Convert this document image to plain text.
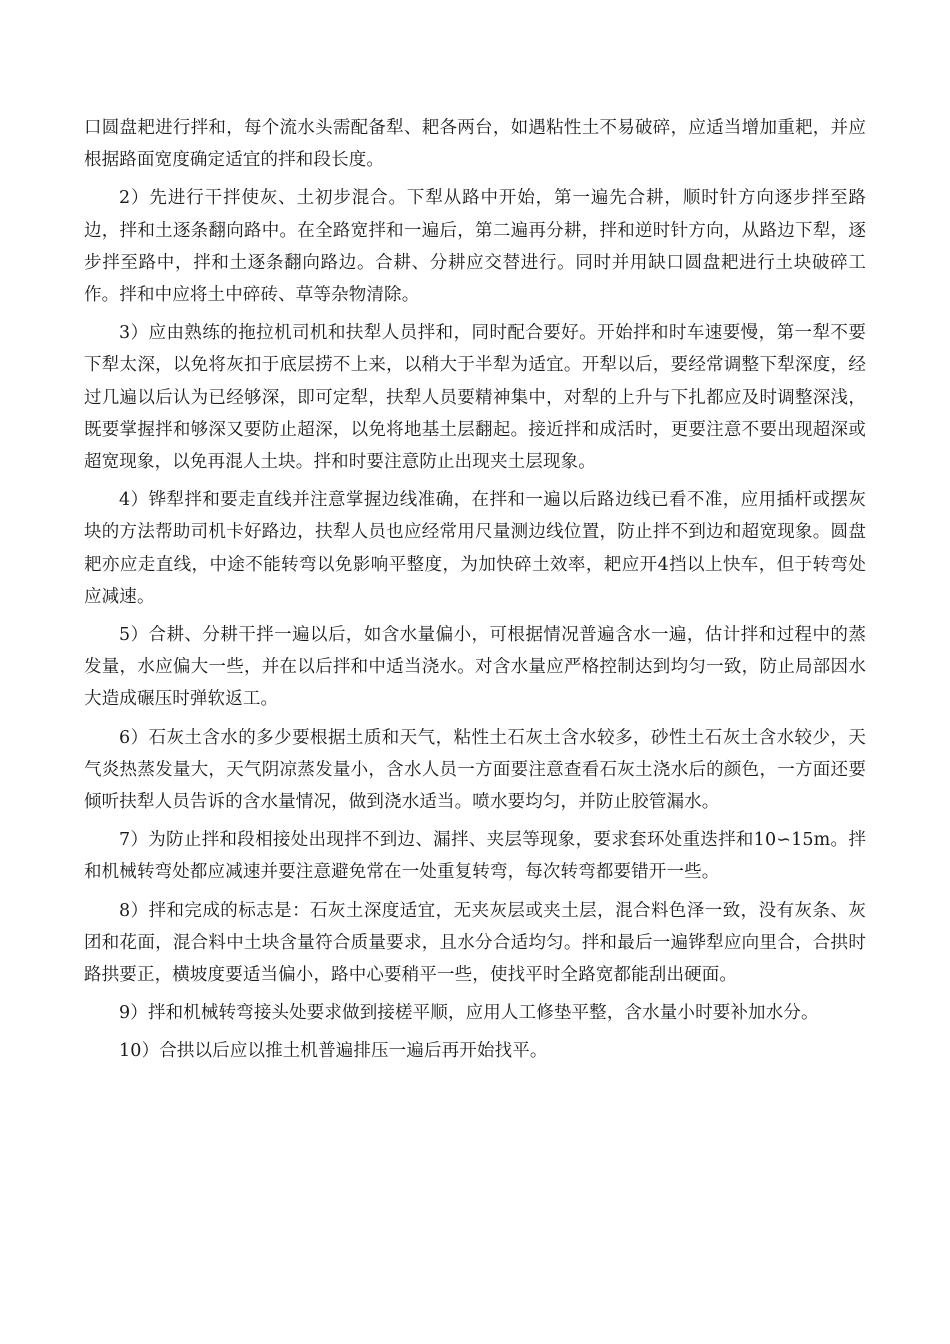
口圆盘耙进行拌和，每个流水头需配备犁、耙各两台，如遇粘性土不易破碎，应适当增加重耙，并应根据路面宽度确定适宜的拌和段长度。

2）先进行干拌使灰、土初步混合。下犁从路中开始，第一遍先合耕，顺时针方向逐步拌至路边，拌和土逐条翻向路中。在全路宽拌和一遍后，第二遍再分耕，拌和逆时针方向，从路边下犁，逐步拌至路中，拌和土逐条翻向路边。合耕、分耕应交替进行。同时并用缺口圆盘耙进行土块破碎工作。拌和中应将土中碎砖、草等杂物清除。

3）应由熟练的拖拉机司机和扶犁人员拌和，同时配合要好。开始拌和时车速要慢，第一犁不要下犁太深，以免将灰扣于底层捞不上来，以稍大于半犁为适宜。开犁以后，要经常调整下犁深度，经过几遍以后认为已经够深，即可定犁，扶犁人员要精神集中，对犁的上升与下扎都应及时调整深浅，既要掌握拌和够深又要防止超深，以免将地基土层翻起。接近拌和成活时，更要注意不要出现超深或超宽现象，以免再混人土块。拌和时要注意防止出现夹土层现象。

4）铧犁拌和要走直线并注意掌握边线准确，在拌和一遍以后路边线已看不准，应用插杆或摆灰块的方法帮助司机卡好路边，扶犁人员也应经常用尺量测边线位置，防止拌不到边和超宽现象。圆盘耙亦应走直线，中途不能转弯以免影响平整度，为加快碎土效率，耙应开4挡以上快车，但于转弯处应减速。

5）合耕、分耕干拌一遍以后，如含水量偏小，可根据情况普遍含水一遍，估计拌和过程中的蒸发量，水应偏大一些，并在以后拌和中适当浇水。对含水量应严格控制达到均匀一致，防止局部因水大造成碾压时弹软返工。

6）石灰土含水的多少要根据土质和天气，粘性土石灰土含水较多，砂性土石灰土含水较少，天气炎热蒸发量大，天气阴凉蒸发量小，含水人员一方面要注意查看石灰土浇水后的颜色，一方面还要倾听扶犁人员告诉的含水量情况，做到浇水适当。喷水要均匀，并防止胶管漏水。

7）为防止拌和段相接处出现拌不到边、漏拌、夹层等现象，要求套环处重迭拌和10∽15m。拌和机械转弯处都应减速并要注意避免常在一处重复转弯，每次转弯都要错开一些。

8）拌和完成的标志是：石灰土深度适宜，无夹灰层或夹土层，混合料色泽一致，没有灰条、灰团和花面，混合料中土块含量符合质量要求，且水分合适均匀。拌和最后一遍铧犁应向里合，合拱时路拱要正，横坡度要适当偏小，路中心要稍平一些，使找平时全路宽都能刮出硬面。

9）拌和机械转弯接头处要求做到接槎平顺，应用人工修垫平整，含水量小时要补加水分。

10）合拱以后应以推土机普遍排压一遍后再开始找平。
